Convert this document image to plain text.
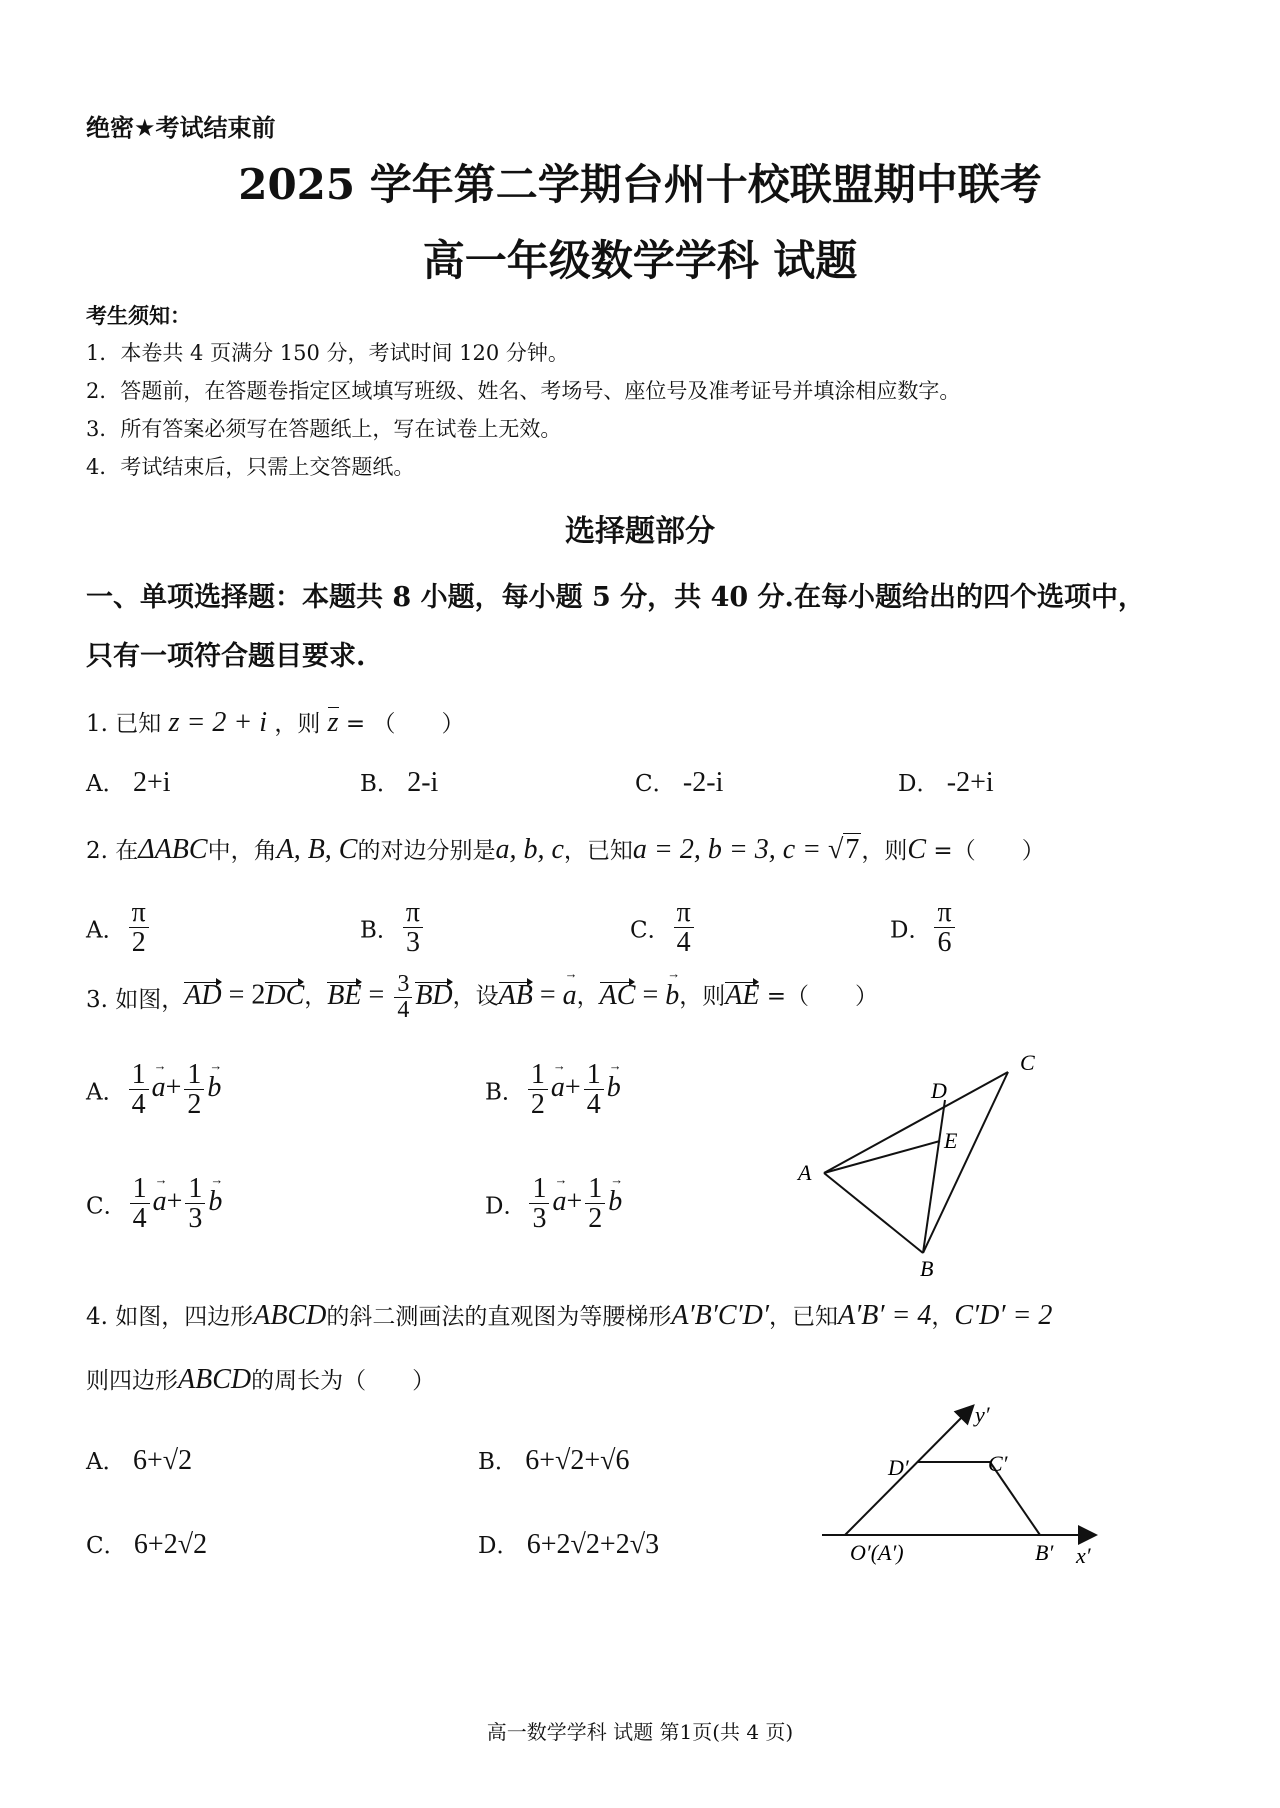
绝密★考试结束前
2025 学年第二学期台州十校联盟期中联考
高一年级数学学科 试题
考生须知：
1．本卷共 4 页满分 150 分，考试时间 120 分钟。
2．答题前，在答题卷指定区域填写班级、姓名、考场号、座位号及准考证号并填涂相应数字。
3．所有答案必须写在答题纸上，写在试卷上无效。
4．考试结束后，只需上交答题纸。
选择题部分
一、单项选择题：本题共 8 小题，每小题 5 分，共 40 分.在每小题给出的四个选项中，
只有一项符合题目要求.
1. 已知 z = 2 + i ，则 z = （　　）
A． 2+i	B． 2-i	C． -2-i	D． -2+i
2. 在ΔABC中，角A, B, C的对边分别是a, b, c，已知a = 2, b = 3, c = √7，则C =（　　）
A． $\frac{\pi}{2}$	B． $\frac{\pi}{3}$	C． $\frac{\pi}{4}$	D． $\frac{\pi}{6}$
3. 如图，AD = 2DC，BE = $\frac{3}{4}$ BD，设AB = a →，AC = b →，则AE =（　　）
A． $\frac{1}{4}$ $a \to+ \frac{1}{2}$ b →	B． $\frac{1}{2}$ $a \to+ \frac{1}{4}$ b →
C． $\frac{1}{4}$ $a \to+ \frac{1}{3}$ b →	D． $\frac{1}{3}$ $a \to+ \frac{1}{2}$ b →
A
B
C
D
E
4. 如图，四边形ABCD的斜二测画法的直观图为等腰梯形A′B′C′D′，已知A′B′ = 4，C′D′ = 2
则四边形ABCD的周长为（　　）
A． 6+√2	B． 6+√2+√6
C． 6+2√2	D． 6+2√2+2√3
y′
x′
D′	C′
O′(A′)	B′
高一数学学科 试题 第1页(共 4 页)
